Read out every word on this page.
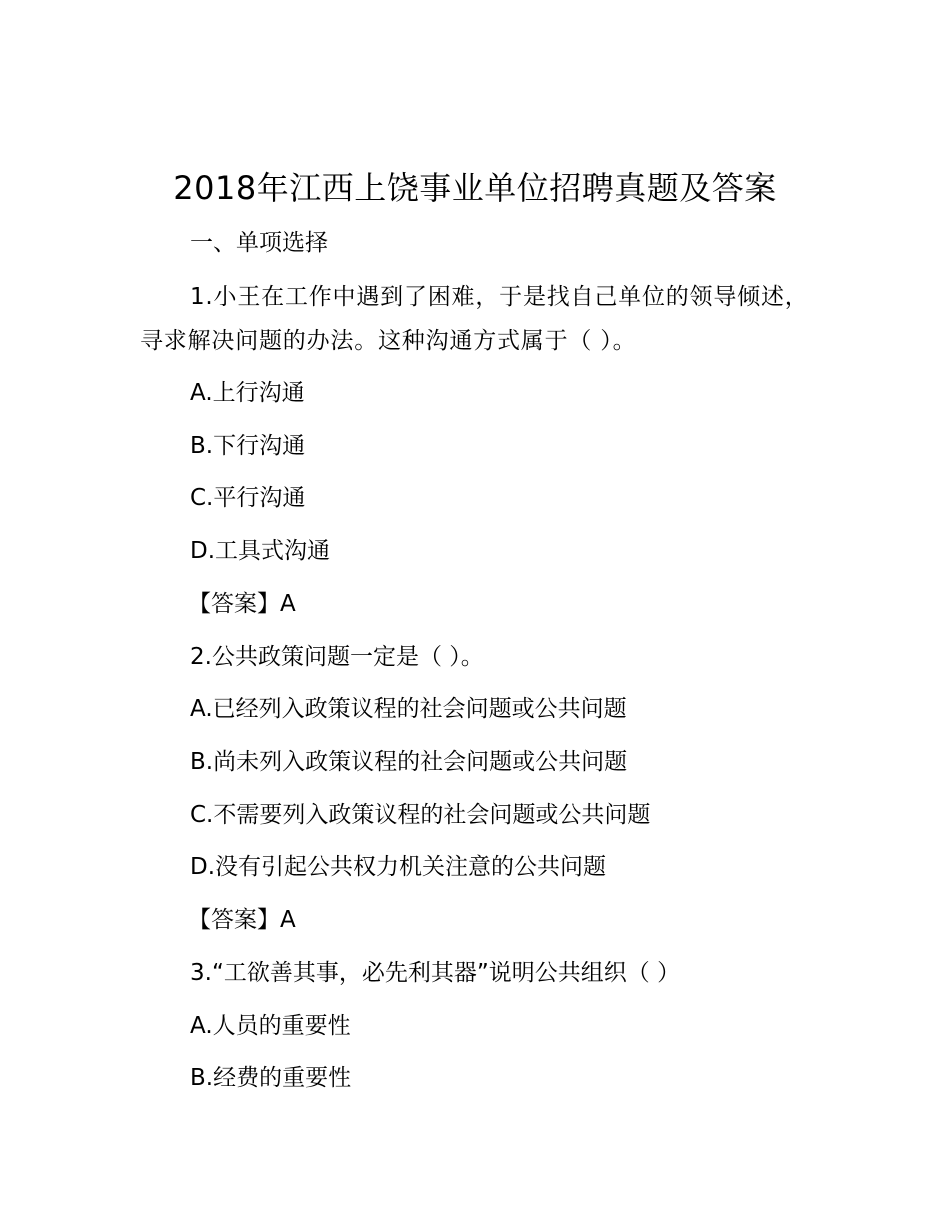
2018年江西上饶事业单位招聘真题及答案
一、单项选择
1.小王在工作中遇到了困难，于是找自己单位的领导倾述，寻求解决问题的办法。这种沟通方式属于（ ）。
A.上行沟通
B.下行沟通
C.平行沟通
D.工具式沟通
【答案】A
2.公共政策问题一定是（ ）。
A.已经列入政策议程的社会问题或公共问题
B.尚未列入政策议程的社会问题或公共问题
C.不需要列入政策议程的社会问题或公共问题
D.没有引起公共权力机关注意的公共问题
【答案】A
3.“工欲善其事，必先利其器”说明公共组织（ ）
A.人员的重要性
B.经费的重要性
